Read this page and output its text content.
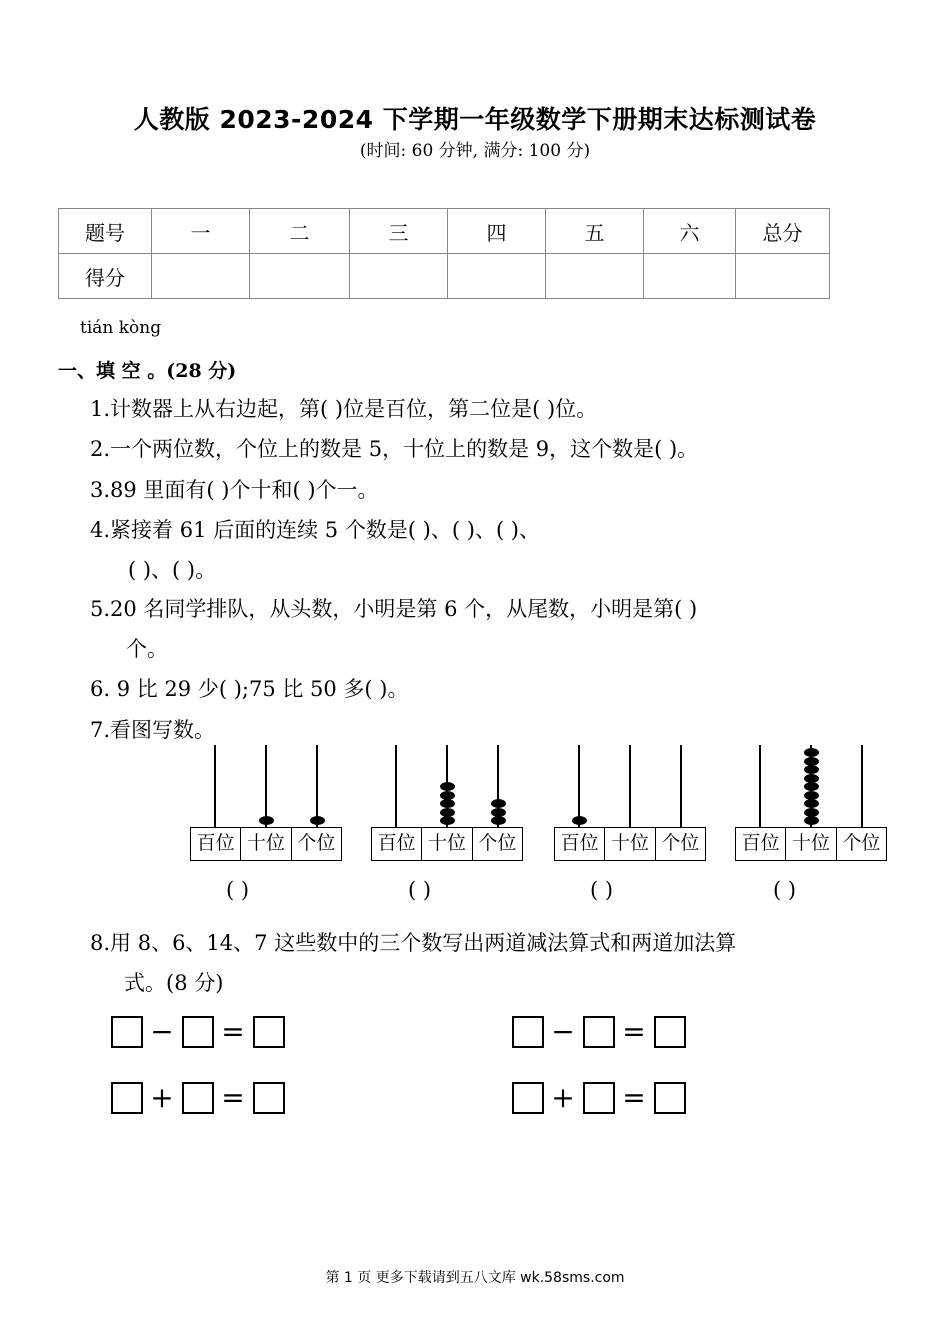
人教版 2023-2024 下学期一年级数学下册期末达标测试卷
(时间: 60 分钟, 满分: 100 分)
题号	一	二	三	四	五	六	总分
得分							
tián kòng
一、填 空 。(28 分)
1.计数器上从右边起，第( )位是百位，第二位是( )位。
2.一个两位数，个位上的数是 5，十位上的数是 9，这个数是( )。
3.89 里面有( )个十和( )个一。
4.紧接着 61 后面的连续 5 个数是( )、( )、( )、
( )、( )。
5.20 名同学排队，从头数，小明是第 6 个，从尾数，小明是第( )
个。
6. 9 比 29 少( );75 比 50 多( )。
7.看图写数。
百位 十位 个位 百位 十位 个位 百位 十位 个位 百位 十位 个位
( )	( )	( )	( )
8.用 8、6、14、7 这些数中的三个数写出两道减法算式和两道加法算
式。(8 分)
− =	− =
+ =	+ =
第 1 页 更多下载请到五八文库 wk.58sms.com
